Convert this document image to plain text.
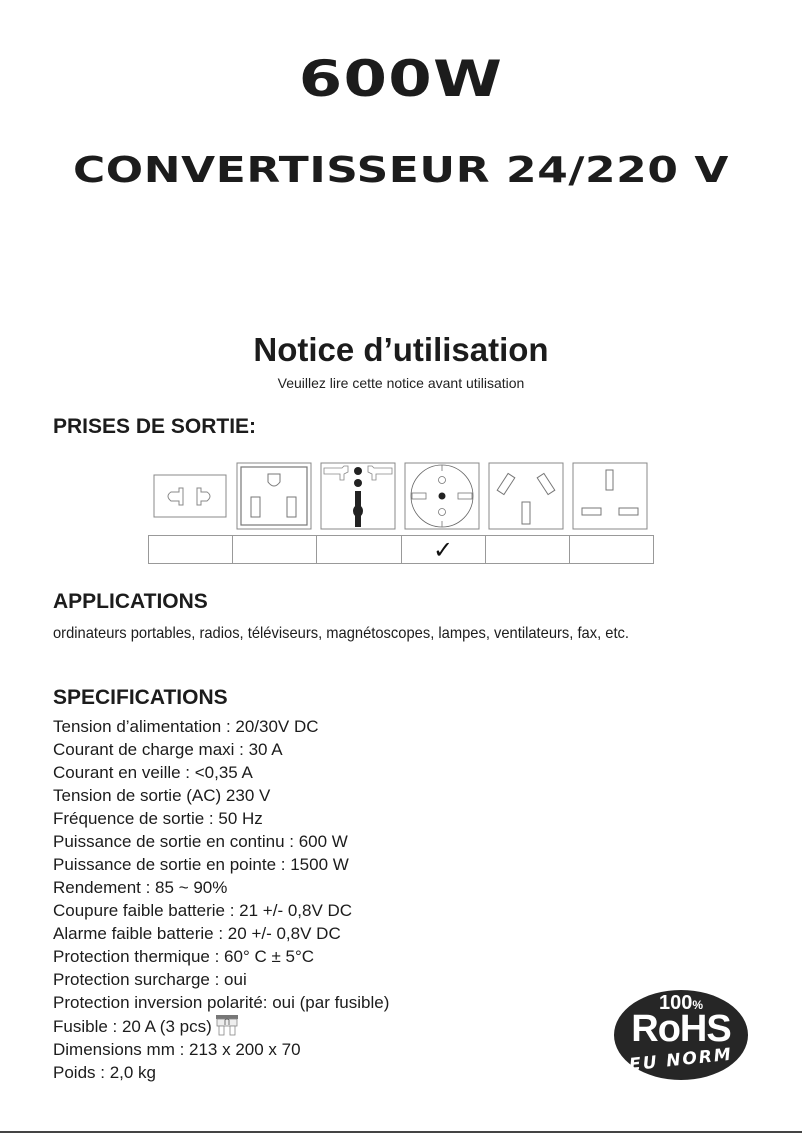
600W
CONVERTISSEUR 24/220 V
Notice d’utilisation
Veuillez lire cette notice avant utilisation
PRISES DE SORTIE:
✓
APPLICATIONS
ordinateurs portables, radios, téléviseurs, magnétoscopes, lampes, ventilateurs, fax, etc.
SPECIFICATIONS
Tension d’alimentation : 20/30V DC
Courant de charge maxi : 30 A
Courant en veille : <0,35 A
Tension de sortie (AC) 230 V
Fréquence de sortie : 50 Hz
Puissance de sortie en continu : 600 W
Puissance de sortie en pointe : 1500 W
Rendement : 85 ~ 90%
Coupure faible batterie : 21 +/- 0,8V DC
Alarme faible batterie : 20 +/- 0,8V DC
Protection thermique : 60° C ± 5°C
Protection surcharge : oui
Protection inversion polarité: oui (par fusible)
Fusible : 20 A (3 pcs)
Dimensions mm : 213 x 200 x 70
Poids : 2,0 kg
100%
RoHS
EU NORM
